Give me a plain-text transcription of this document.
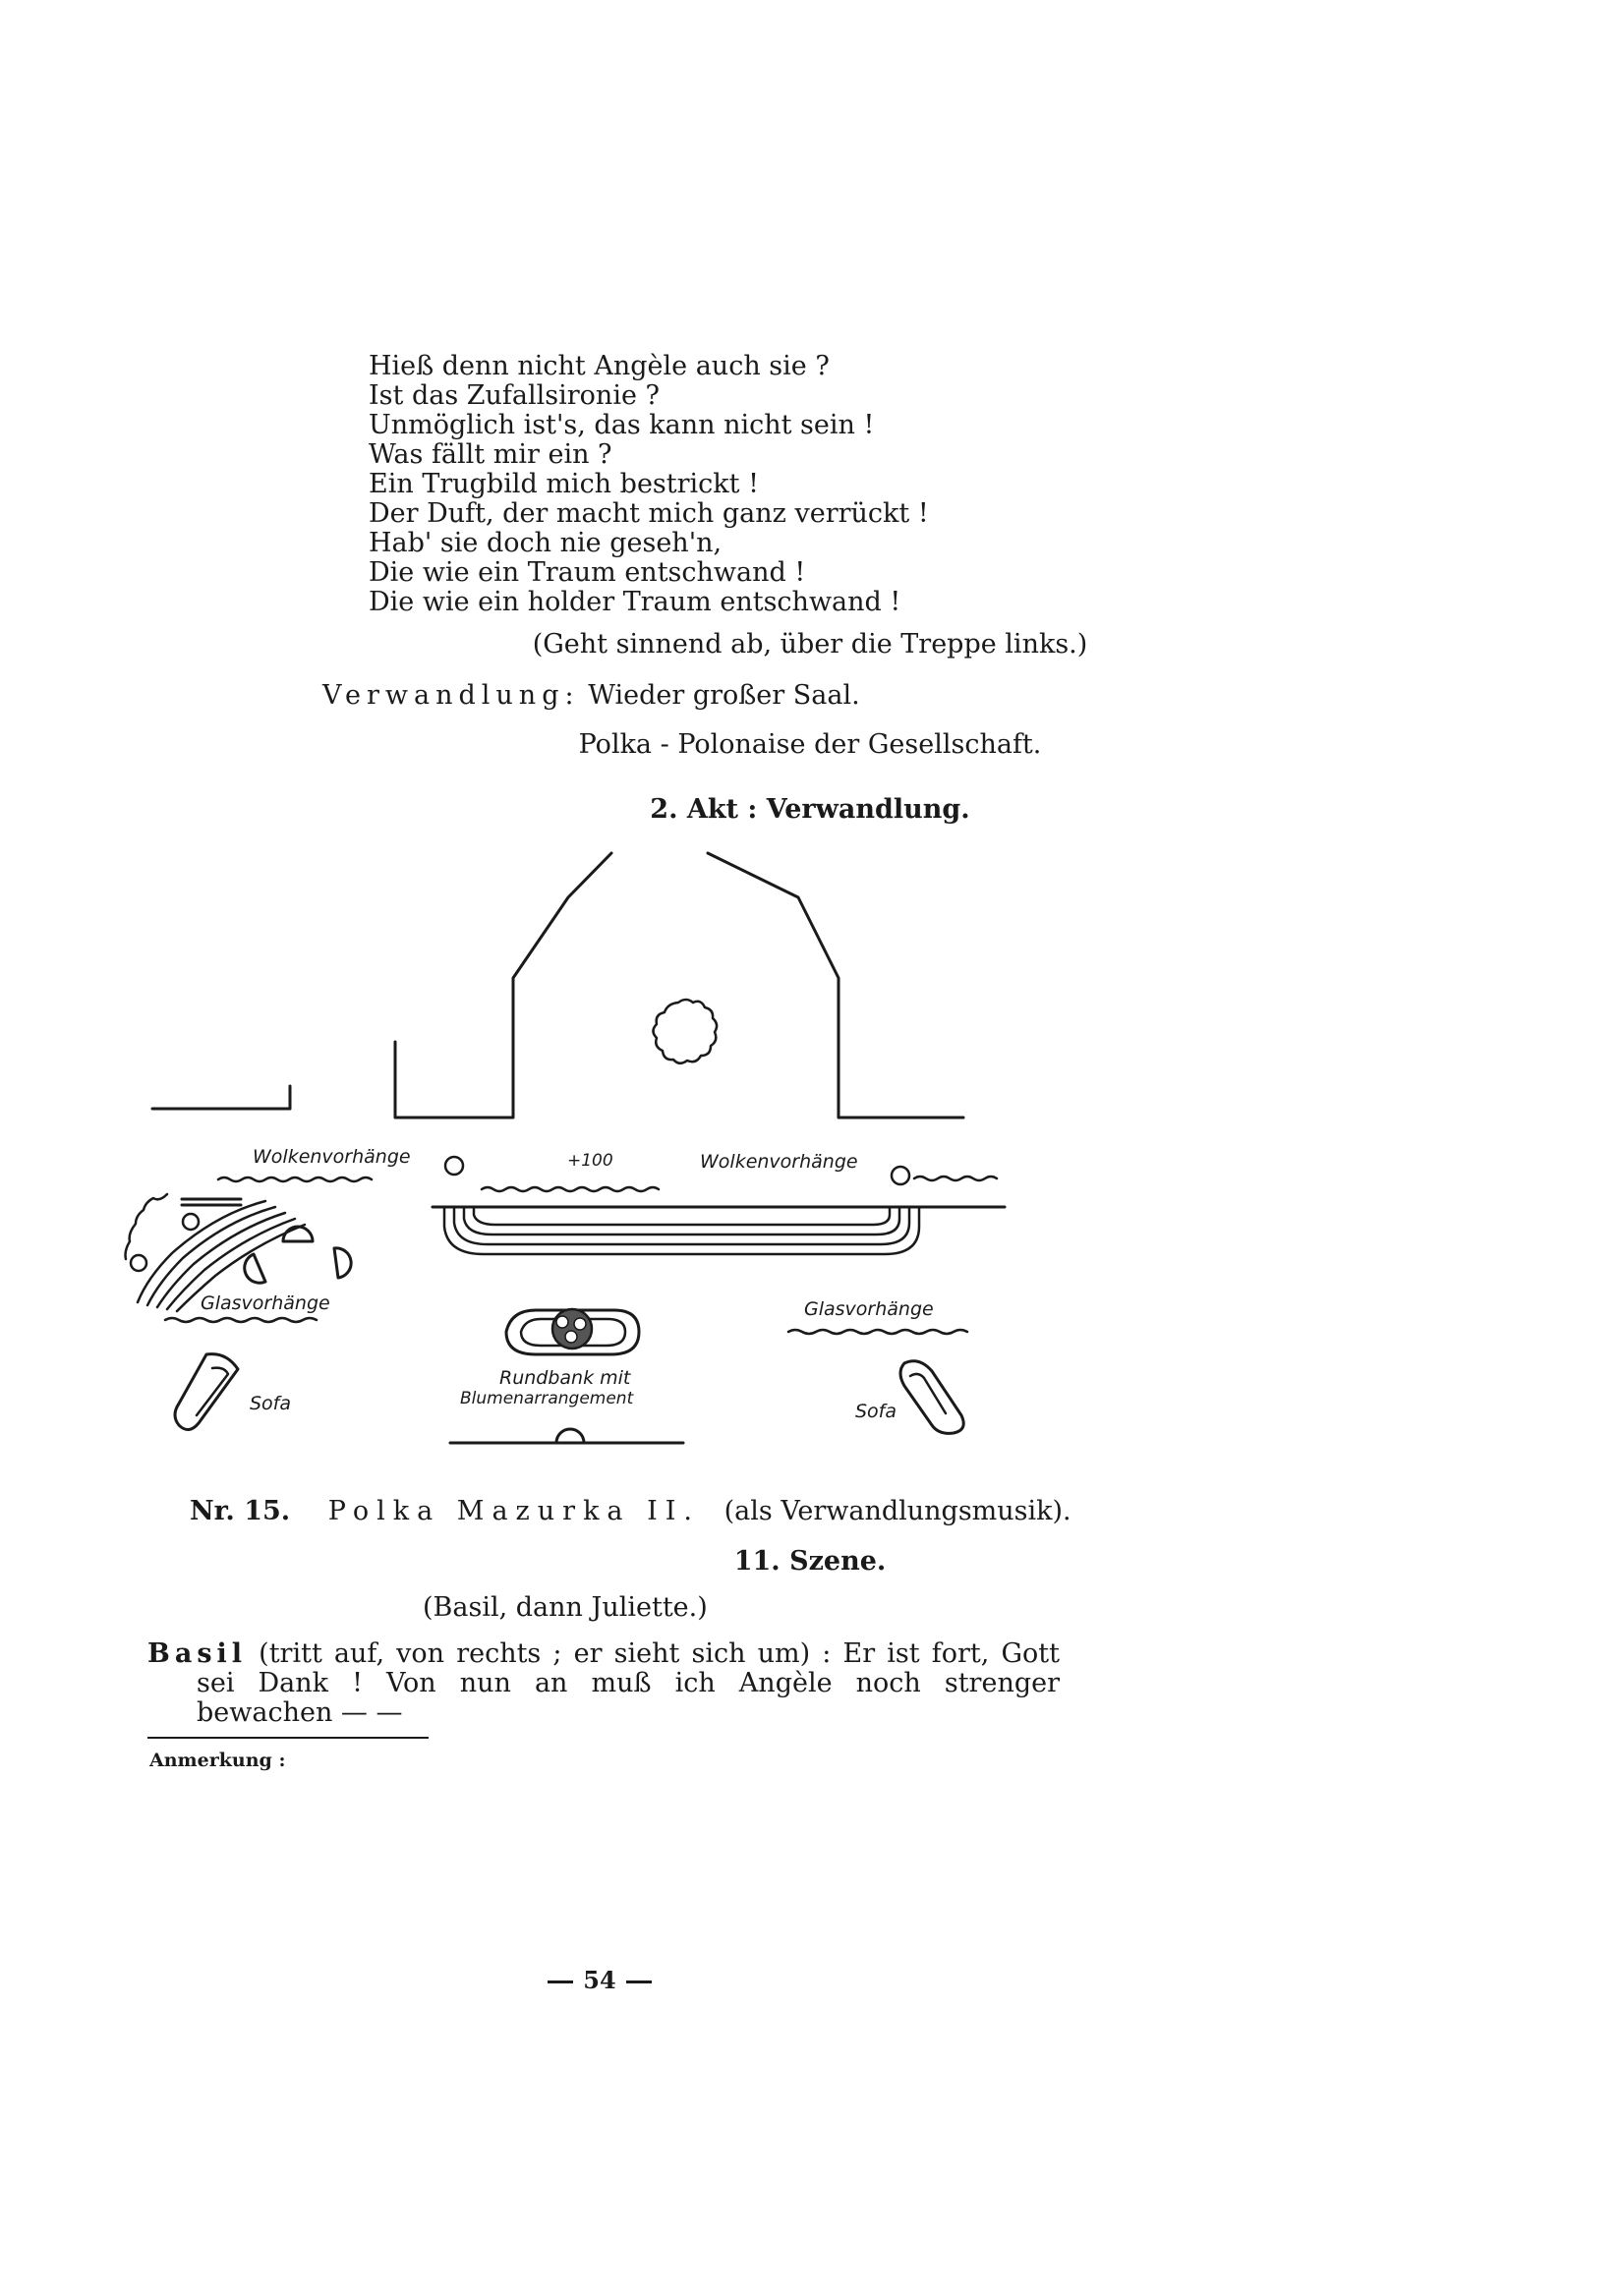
Hieß denn nicht Angèle auch sie ?
Ist das Zufallsironie ?
Unmöglich ist's, das kann nicht sein !
Was fällt mir ein ?
Ein Trugbild mich bestrickt !
Der Duft, der macht mich ganz verrückt !
Hab' sie doch nie geseh'n,
Die wie ein Traum entschwand !
Die wie ein holder Traum entschwand !
(Geht sinnend ab, über die Treppe links.)
Verwandlung: Wieder großer Saal.
Polka - Polonaise der Gesellschaft.
2. Akt : Verwandlung.
Wolkenvorhänge	+100	Wolkenvorhänge
Glasvorhänge	Glasvorhänge
Sofa	Sofa
Rundbank mit
Blumenarrangement
Nr. 15. Polka Mazurka II. (als Verwandlungsmusik).
11. Szene.
(Basil, dann Juliette.)
Basil (tritt auf, von rechts ; er sieht sich um) : Er ist fort, Gott
sei Dank ! Von nun an muß ich Angèle noch strenger
bewachen — —
Anmerkung :
54
